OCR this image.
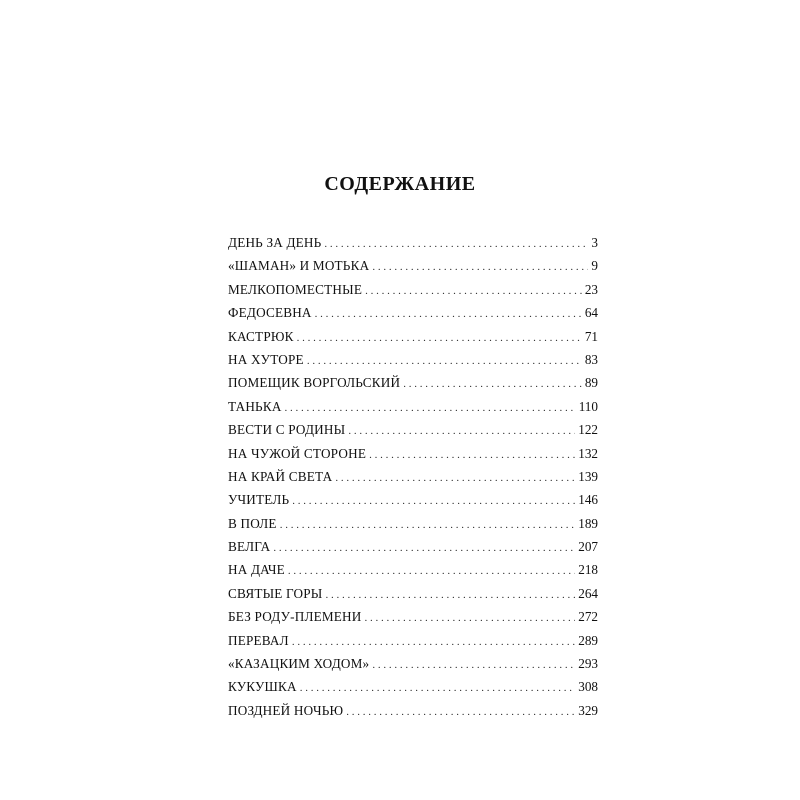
СОДЕРЖАНИЕ
ДЕНЬ ЗА ДЕНЬ . . .	3
«ШАМАН» И МОТЬКА . . .	9
МЕЛКОПОМЕСТНЫЕ . . .	23
ФЕДОСЕВНА . . .	64
КАСТРЮК . . .	71
НА ХУТОРЕ . . .	83
ПОМЕЩИК ВОРГОЛЬСКИЙ . . .	89
ТАНЬКА . . .	110
ВЕСТИ С РОДИНЫ . . .	122
НА ЧУЖОЙ СТОРОНЕ . . .	132
НА КРАЙ СВЕТА . . .	139
УЧИТЕЛЬ . . .	146
В ПОЛЕ . . .	189
ВЕЛГА . . .	207
НА ДАЧЕ . . .	218
СВЯТЫЕ ГОРЫ . . .	264
БЕЗ РОДУ-ПЛЕМЕНИ . . .	272
ПЕРЕВАЛ . . .	289
«КАЗАЦКИМ ХОДОМ» . . .	293
КУКУШКА . . .	308
ПОЗДНЕЙ НОЧЬЮ . . .	329
